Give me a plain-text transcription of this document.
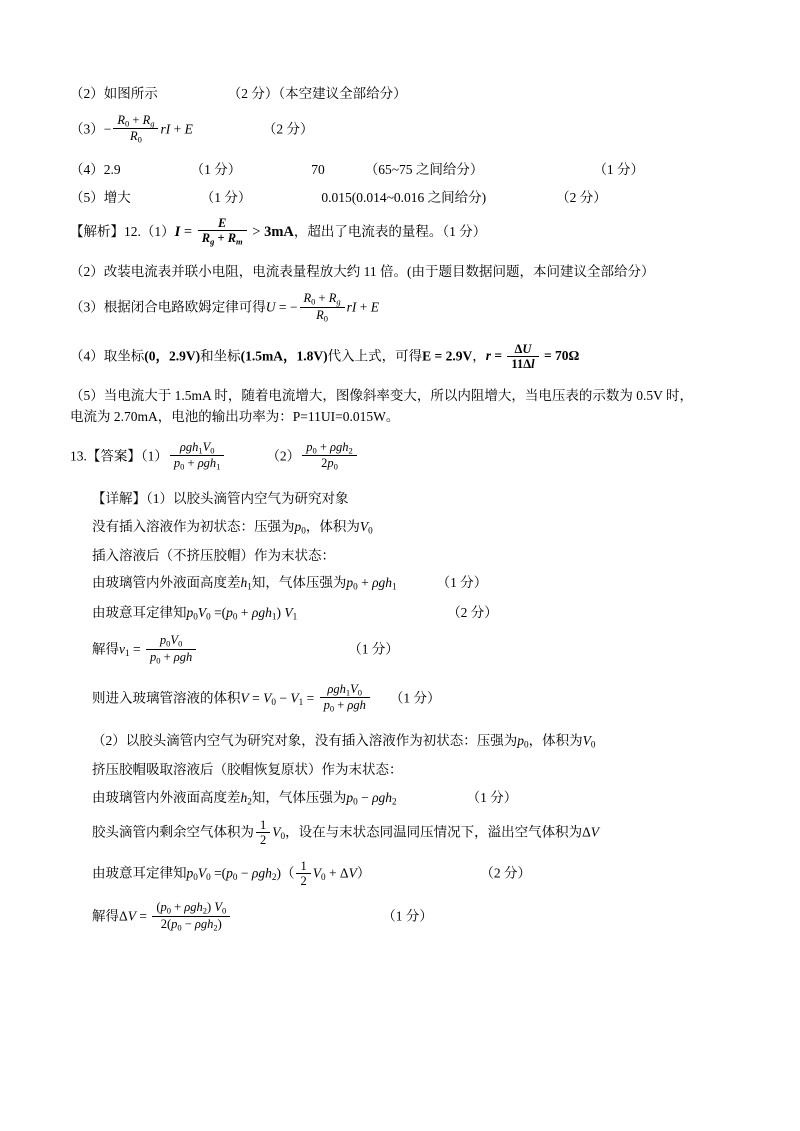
（2）如图所示	（2 分）（本空建议全部给分）
$(3)- \frac{R_0 + Rg}{R_0}$ rI + E	（2 分）
（4）2.9	（1 分）	70	（65~75 之间给分）	（1 分）
（5）增大	（1 分）	0.015(0.014~0.016 之间给分)	（2 分）
【解析】$12.(1)I = \frac{E}{Rg + Rm} > 3mA$，超出了电流表的量程。（1 分）
（2）改装电流表并联小电阻，电流表量程放大约 11 倍。(由于题目数据问题，本问建议全部给分）
（3）根据闭合电路欧姆定律可得U = − $\frac{R_0 + Rg}{R_0}$ rI + E
（4）取坐标(0，2.9V)和坐标(1.5mA，1.8V)代入上式，可得E = 2.9V，$r = \frac{\Delta U}{11\Delta l} = 70\Omega$
（5）当电流大于 1.5mA 时，随着电流增大，图像斜率变大，所以内阻增大，当电压表的示数为 0.5V 时，
电流为 2.70mA，电池的输出功率为：P=11UI=0.015W。
13.【答案】$(1) \frac{\rho gh_1V_0}{p_0 + \rho gh_1}$	$(2) \frac{p_0 + \rho gh_2}{2p_0}$
【详解】（1）以胶头滴管内空气为研究对象
没有插入溶液作为初状态：压强为$p_0$，体积为$V_0$
插入溶液后（不挤压胶帽）作为末状态：
由玻璃管内外液面高度差$h_1$知，气体压强为$p_0 + \rho gh_1$	（1 分）
由玻意耳定律知$p_0V_0 =(p_0 + \rho gh_1)$ $V_1$	（2 分）
解得$v_1 = \frac{p_0V_0}{p_0 + \rho gh}$	（1 分）
则进入玻璃管溶液的体积$V = V_0 - V_1 = \frac{\rho gh_1V_0}{p_0 + \rho gh} (1$ 分）
（2）以胶头滴管内空气为研究对象，没有插入溶液作为初状态：压强为$p_0$，体积为$V_0$
挤压胶帽吸取溶液后（胶帽恢复原状）作为末状态：
由玻璃管内外液面高度差$h_2$知，气体压强为$p_0 - \rho gh_2$	（1 分）
胶头滴管内剩余空气体积为 $\frac{1}{2} V_0$，设在与末状态同温同压情况下，溢出空气体积为ΔV
由玻意耳定律知$p_0V_0 =(p_0 - \rho gh_2)( \frac{1}{2} V_0 + \Delta V)$	（2 分）
解得$\Delta V = \frac{(p_0 + \rho gh_2) V_0}{2(p_0 - \rho gh_2)}$	（1 分）
